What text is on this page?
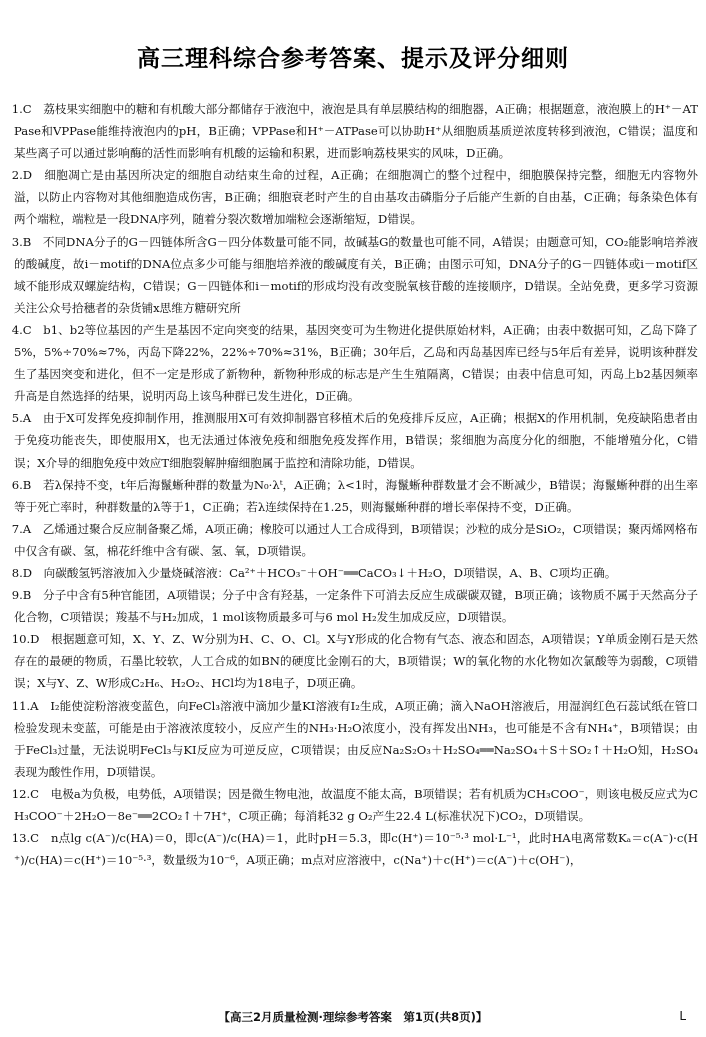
高三理科综合参考答案、提示及评分细则

1.C　荔枝果实细胞中的糖和有机酸大部分都储存于液泡中，液泡是具有单层膜结构的细胞器，A正确；根据题意，液泡膜上的H⁺－ATPase和VPPase能维持液泡内的pH，B正确；VPPase和H⁺－ATPase可以协助H⁺从细胞质基质逆浓度转移到液泡，C错误；温度和某些离子可以通过影响酶的活性而影响有机酸的运输和积累，进而影响荔枝果实的风味，D正确。

2.D　细胞凋亡是由基因所决定的细胞自动结束生命的过程，A正确；在细胞凋亡的整个过程中，细胞膜保持完整，细胞无内容物外溢，以防止内容物对其他细胞造成伤害，B正确；细胞衰老时产生的自由基攻击磷脂分子后能产生新的自由基，C正确；每条染色体有两个端粒，端粒是一段DNA序列，随着分裂次数增加端粒会逐渐缩短，D错误。

3.B　不同DNA分子的G－四链体所含G－四分体数量可能不同，故碱基G的数量也可能不同，A错误；由题意可知，CO₂能影响培养液的酸碱度，故i－motif的DNA位点多少可能与细胞培养液的酸碱度有关，B正确；由图示可知，DNA分子的G－四链体或i－motif区域不能形成双螺旋结构，C错误；G－四链体和i－motif的形成均没有改变脱氧核苷酸的连接顺序，D错误。全站免费，更多学习资源关注公众号拾穗者的杂货铺x思维方糖研究所

4.C　b1、b2等位基因的产生是基因不定向突变的结果，基因突变可为生物进化提供原始材料，A正确；由表中数据可知，乙岛下降了5%，5%÷70%≈7%，丙岛下降22%，22%÷70%≈31%，B正确；30年后，乙岛和丙岛基因库已经与5年后有差异，说明该种群发生了基因突变和进化，但不一定是形成了新物种，新物种形成的标志是产生生殖隔离，C错误；由表中信息可知，丙岛上b2基因频率升高是自然选择的结果，说明丙岛上该鸟种群已发生进化，D正确。

5.A　由于X可发挥免疫抑制作用，推测服用X可有效抑制器官移植术后的免疫排斥反应，A正确；根据X的作用机制，免疫缺陷患者由于免疫功能丧失，即使服用X，也无法通过体液免疫和细胞免疫发挥作用，B错误；浆细胞为高度分化的细胞，不能增殖分化，C错误；X介导的细胞免疫中效应T细胞裂解肿瘤细胞属于监控和清除功能，D错误。

6.B　若λ保持不变，t年后海鬣蜥种群的数量为N₀·λᵗ，A正确；λ<1时，海鬣蜥种群数量才会不断减少，B错误；海鬣蜥种群的出生率等于死亡率时，种群数量的λ等于1，C正确；若λ连续保持在1.25，则海鬣蜥种群的增长率保持不变，D正确。

7.A　乙烯通过聚合反应制备聚乙烯，A项正确；橡胶可以通过人工合成得到，B项错误；沙粒的成分是SiO₂，C项错误；聚丙烯网格布中仅含有碳、氢，棉花纤维中含有碳、氢、氧，D项错误。

8.D　向碳酸氢钙溶液加入少量烧碱溶液：Ca²⁺＋HCO₃⁻＋OH⁻══CaCO₃↓＋H₂O，D项错误，A、B、C项均正确。

9.B　分子中含有5种官能团，A项错误；分子中含有羟基，一定条件下可消去反应生成碳碳双键，B项正确；该物质不属于天然高分子化合物，C项错误；羧基不与H₂加成，1 mol该物质最多可与6 mol H₂发生加成反应，D项错误。

10.D　根据题意可知，X、Y、Z、W分别为H、C、O、Cl。X与Y形成的化合物有气态、液态和固态，A项错误；Y单质金刚石是天然存在的最硬的物质，石墨比较软，人工合成的如BN的硬度比金刚石的大，B项错误；W的氧化物的水化物如次氯酸等为弱酸，C项错误；X与Y、Z、W形成C₂H₆、H₂O₂、HCl均为18电子，D项正确。

11.A　I₂能使淀粉溶液变蓝色，向FeCl₃溶液中滴加少量KI溶液有I₂生成，A项正确；滴入NaOH溶液后，用湿润红色石蕊试纸在管口检验发现未变蓝，可能是由于溶液浓度较小，反应产生的NH₃·H₂O浓度小，没有挥发出NH₃，也可能是不含有NH₄⁺，B项错误；由于FeCl₃过量，无法说明FeCl₃与KI反应为可逆反应，C项错误；由反应Na₂S₂O₃＋H₂SO₄══Na₂SO₄＋S＋SO₂↑＋H₂O知，H₂SO₄表现为酸性作用，D项错误。

12.C　电极a为负极，电势低，A项错误；因是微生物电池，故温度不能太高，B项错误；若有机质为CH₃COO⁻，则该电极反应式为CH₃COO⁻＋2H₂O－8e⁻══2CO₂↑＋7H⁺，C项正确；每消耗32 g O₂产生22.4 L(标准状况下)CO₂，D项错误。

13.C　n点lg c(A⁻)/c(HA)＝0，即c(A⁻)/c(HA)＝1，此时pH＝5.3，即c(H⁺)＝10⁻⁵·³ mol·L⁻¹，此时HA电离常数Kₐ＝c(A⁻)·c(H⁺)/c(HA)＝c(H⁺)＝10⁻⁵·³，数量级为10⁻⁶，A项正确；m点对应溶液中，c(Na⁺)＋c(H⁺)＝c(A⁻)＋c(OH⁻)，

【高三2月质量检测·理综参考答案　第1页(共8页)】	L
